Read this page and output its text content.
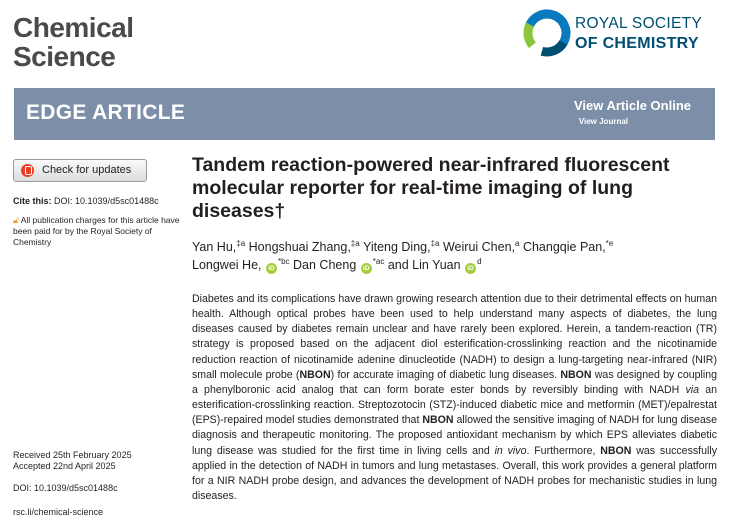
Chemical
Science
ROYAL SOCIETY
OF CHEMISTRY
EDGE ARTICLE	View Article Online
View Journal
Check for updates
Cite this: DOI: 10.1039/d5sc01488c
🔓︎ All publication charges for this article have been paid for by the Royal Society of Chemistry
Tandem reaction-powered near-infrared fluorescent molecular reporter for real-time imaging of lung diseases†
Yan Hu,$^{\ddagger a}$ Hongshuai Zhang,$^{\ddagger a}$ Yiteng Ding,$^{\ddagger a}$ Weirui Chen,$^a$ Changqie Pan,$^{*e}$
Longwei He, $iD^{*bc}$ Dan Cheng $iD^{*ac}$ and Lin Yuan $iD^d$
Diabetes and its complications have drawn growing research attention due to their detrimental effects on human health. Although optical probes have been used to help understand many aspects of diabetes, the lung diseases caused by diabetes remain unclear and have rarely been explored. Herein, a tandem-reaction (TR) strategy is proposed based on the adjacent diol esterification-crosslinking reaction and the nicotinamide reduction reaction of nicotinamide adenine dinucleotide (NADH) to design a lung-targeting near-infrared (NIR) small molecule probe (NBON) for accurate imaging of diabetic lung diseases. NBON was designed by coupling a phenylboronic acid analog that can form borate ester bonds by reversibly binding with NADH via an esterification-crosslinking reaction. Streptozotocin (STZ)-induced diabetic mice and metformin (MET)/epalrestat (EPS)-repaired model studies demonstrated that NBON allowed the sensitive imaging of NADH for lung disease diagnosis and therapeutic monitoring. The proposed antioxidant mechanism by which EPS alleviates diabetic lung disease was studied for the first time in living cells and in vivo. Furthermore, NBON was successfully applied in the detection of NADH in tumors and lung metastases. Overall, this work provides a general platform for a NIR NADH probe design, and advances the development of NADH probes for mechanistic studies in lung diseases.
Received 25th February 2025
Accepted 22nd April 2025
DOI: 10.1039/d5sc01488c
rsc.li/chemical-science
